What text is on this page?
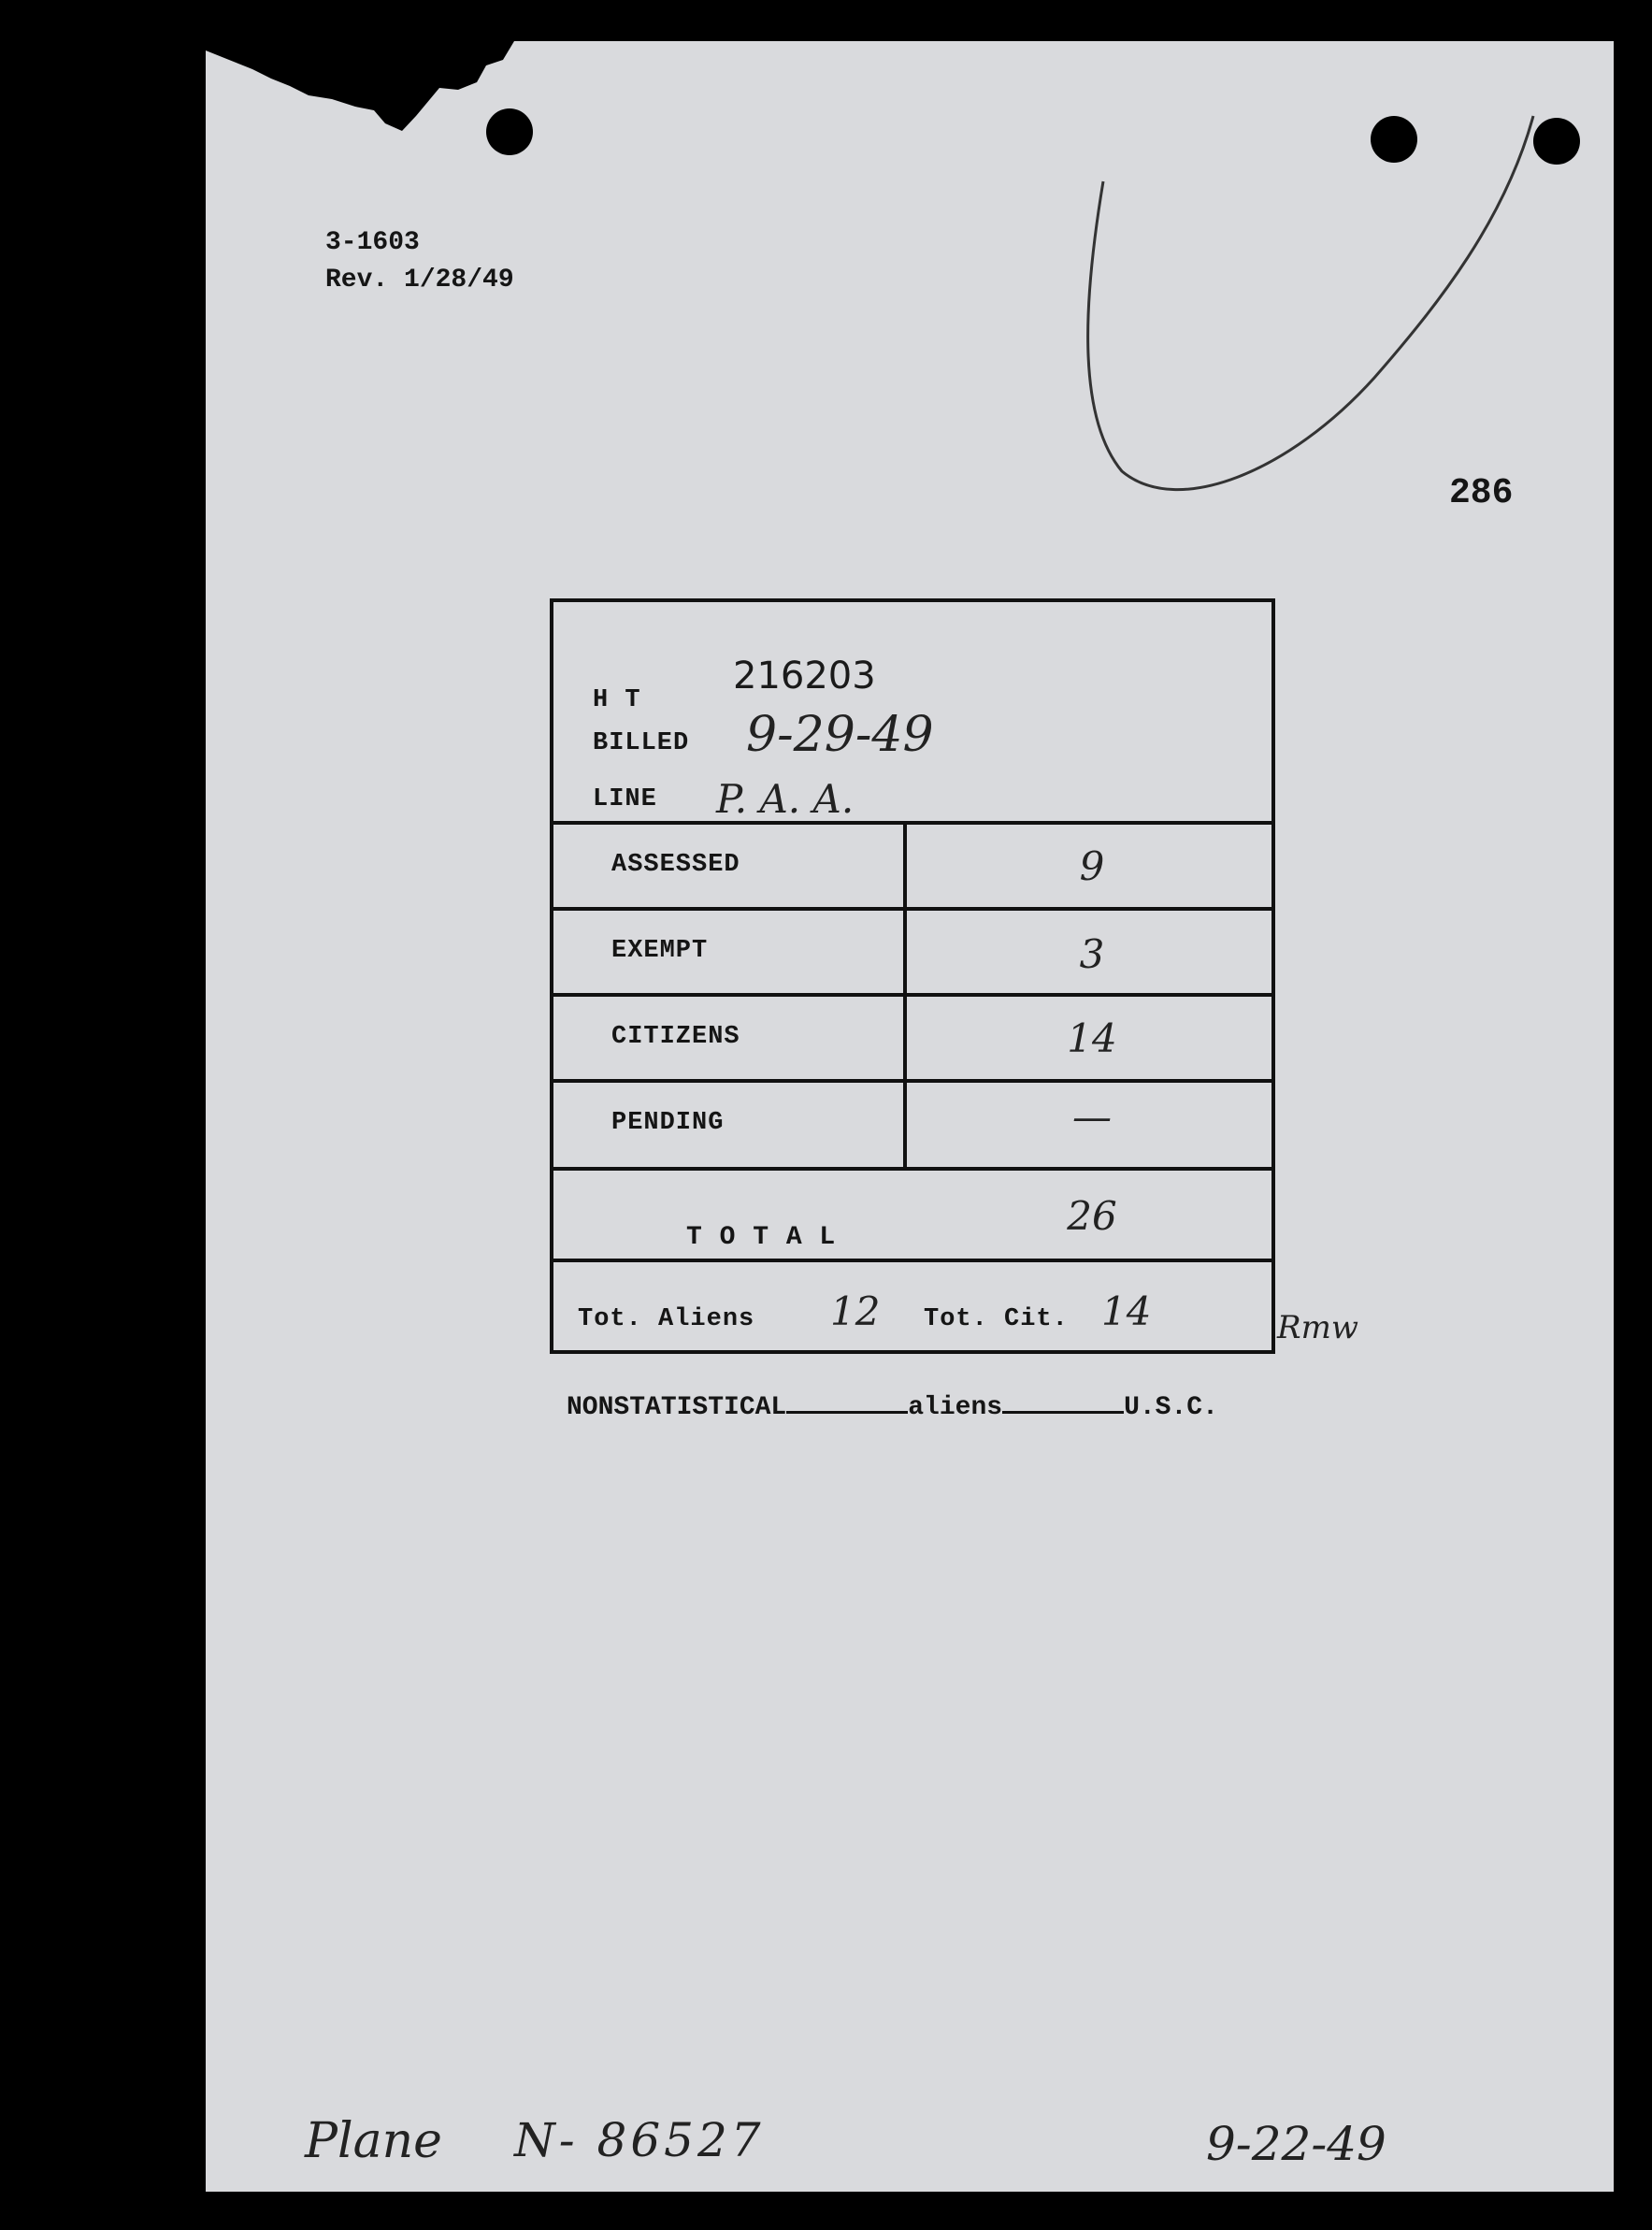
3-1603
Rev. 1/28/49
286
H T
216203
BILLED 9-29-49
LINE P. A. A.
ASSESSED	9
EXEMPT	3
CITIZENS	14
PENDING	—
T O T A L	26
Tot. Aliens 12 Tot. Cit. 14	Rmw
NONSTATISTICAL	aliens	U.S.C.
Plane N- 86527	9-22-49
